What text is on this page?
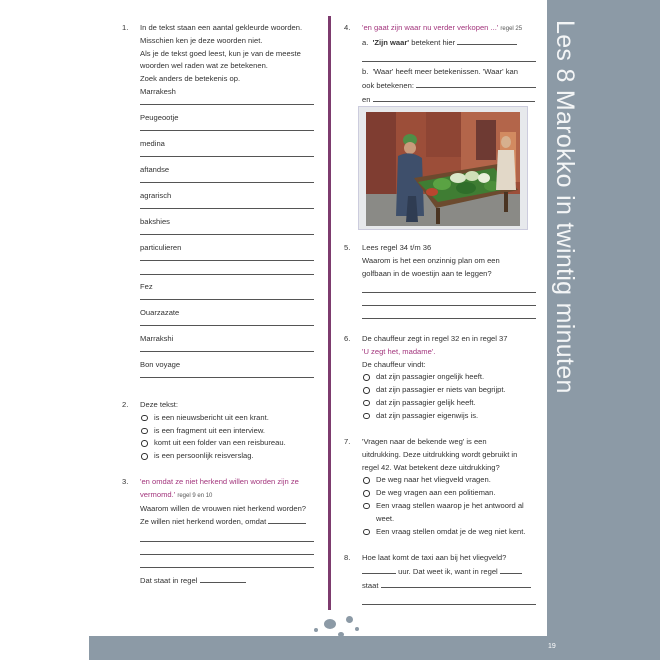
Les 8 Marokko in twintig minuten
19
1.	In de tekst staan een aantal gekleurde woorden.
Misschien ken je deze woorden niet.
Als je de tekst goed leest, kun je van de meeste
woorden wel raden wat ze betekenen.
Zoek anders de betekenis op.
Marrakesh
Peugeootje
medina
aftandse
agrarisch
bakshies
particulieren
Fez
Ouarzazate
Marrakshi
Bon voyage
2.	Deze tekst:
is een nieuwsbericht uit een krant.
is een fragment uit een interview.
komt uit een folder van een reisbureau.
is een persoonlijk reisverslag.
3.	'en omdat ze niet herkend willen worden zijn ze
vermomd.' regel 9 en 10
Waarom willen de vrouwen niet herkend worden?
Ze willen niet herkend worden, omdat
Dat staat in regel
4.	'en gaat zijn waar nu verder verkopen ...' regel 25
a. 'Zijn waar' betekent hier
b. 'Waar' heeft meer betekenissen. 'Waar' kan
ook betekenen:
en
5.	Lees regel 34 t/m 36
Waarom is het een onzinnig plan om een
golfbaan in de woestijn aan te leggen?
6.	De chauffeur zegt in regel 32 en in regel 37
'U zegt het, madame'.
De chauffeur vindt:
dat zijn passagier ongelijk heeft.
dat zijn passagier er niets van begrijpt.
dat zijn passagier gelijk heeft.
dat zijn passagier eigenwijs is.
7.	'Vragen naar de bekende weg' is een
uitdrukking. Deze uitdrukking wordt gebruikt in
regel 42. Wat betekent deze uitdrukking?
De weg naar het vliegveld vragen.
De weg vragen aan een politieman.
Een vraag stellen waarop je het antwoord al
weet.
Een vraag stellen omdat je de weg niet kent.
8.	Hoe laat komt de taxi aan bij het vliegveld?
uur. Dat weet ik, want in regel
staat
